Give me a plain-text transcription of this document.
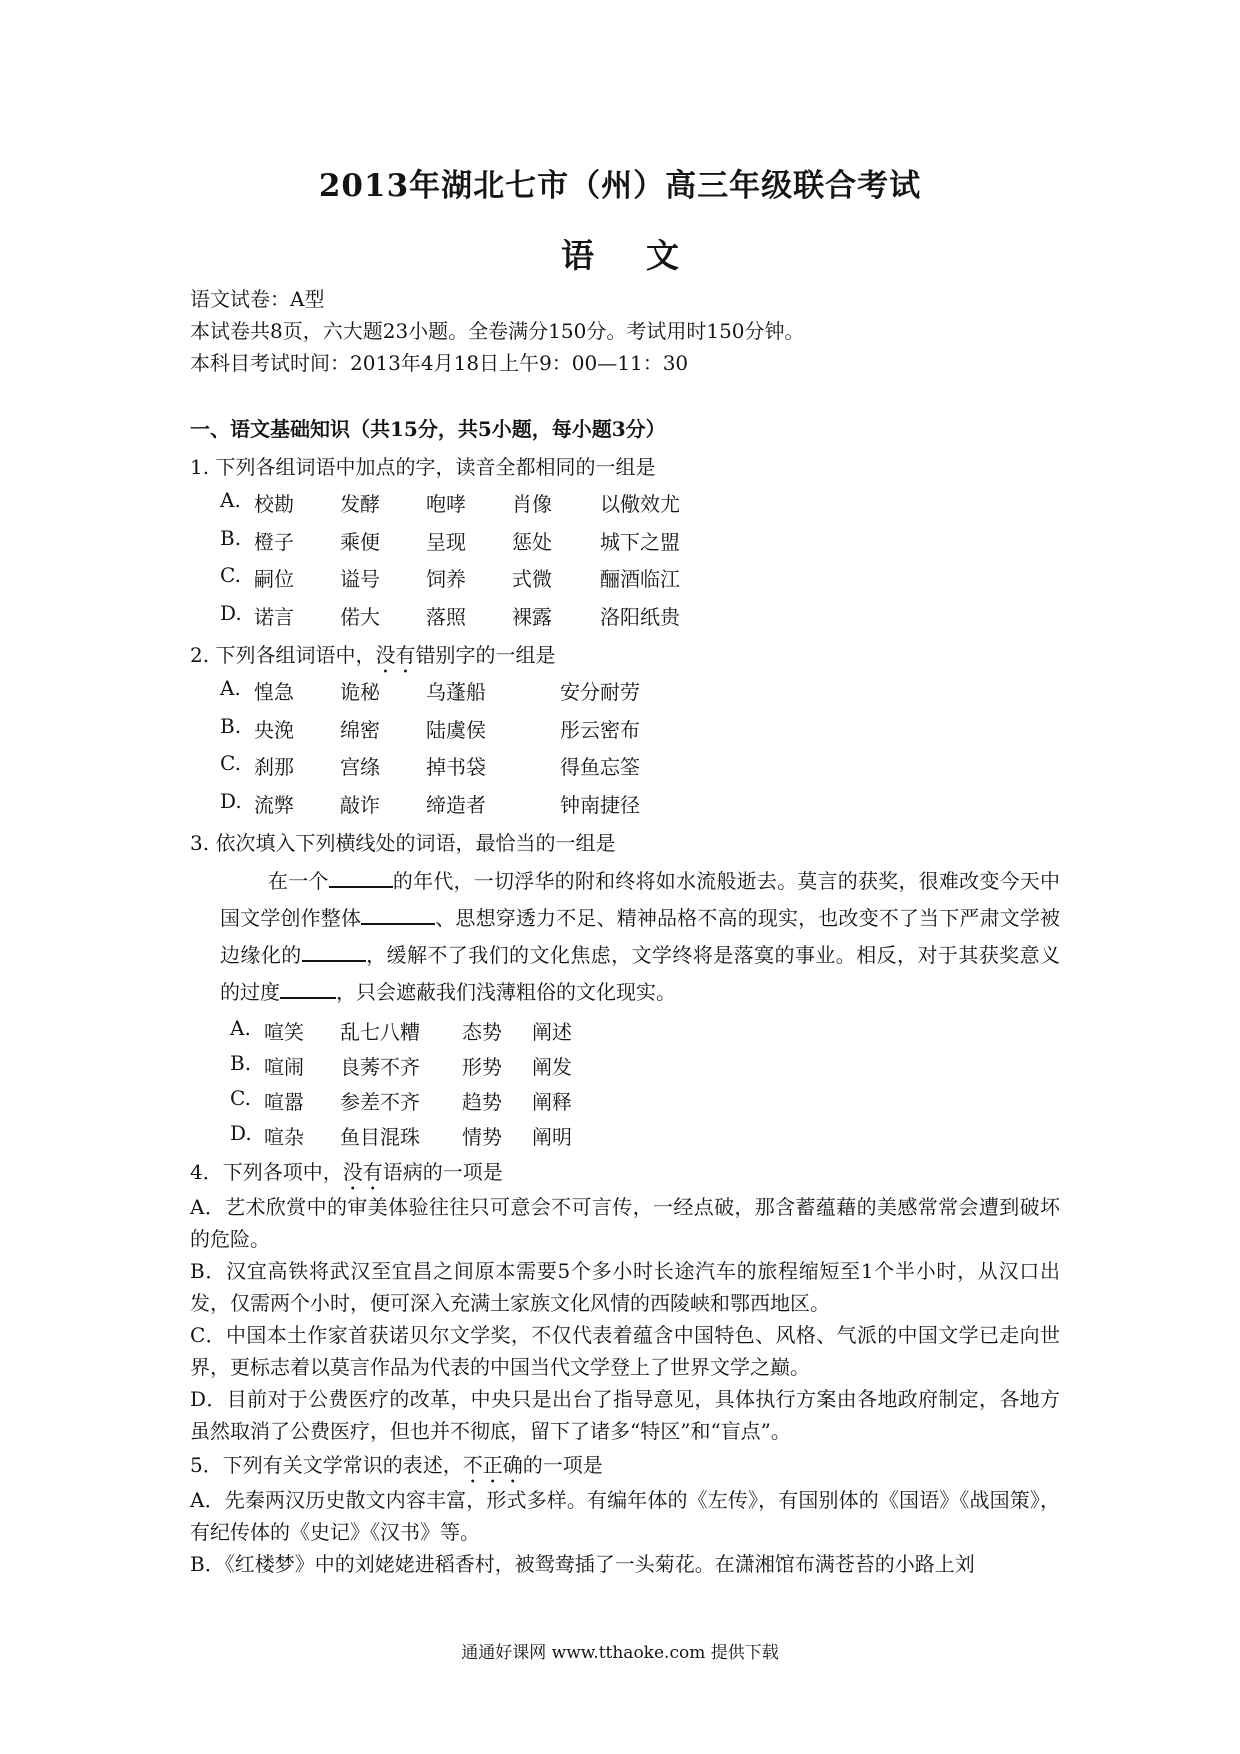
2013年湖北七市（州）高三年级联合考试
语 文
语文试卷：A型
本试卷共8页，六大题23小题。全卷满分150分。考试用时150分钟。
本科目考试时间：2013年4月18日上午9：00—11：30
一、语文基础知识（共15分，共5小题，每小题3分）
1. 下列各组词语中加点的字，读音全都相同的一组是
A. 校勘 发酵 咆哮 肖像 以儆效尤
B. 橙子 乘便 呈现 惩处 城下之盟
C. 嗣位 谥号 饲养 式微 酾酒临江
D. 诺言 偌大 落照 裸露 洛阳纸贵
2. 下列各组词语中，没有错别字的一组是
A. 惶急 诡秘 乌蓬船	安分耐劳
B. 央浼 绵密 陆虞侯	彤云密布
C. 刹那 宫绦 掉书袋	得鱼忘筌
D. 流弊 敲诈 缔造者	钟南捷径
3. 依次填入下列横线处的词语，最恰当的一组是
在一个	的年代，一切浮华的附和终将如水流般逝去。莫言的获奖，很难改变今天中国文学创作整体	、思想穿透力不足、精神品格不高的现实，也改变不了当下严肃文学被边缘化的	，缓解不了我们的文化焦虑，文学终将是落寞的事业。相反，对于其获奖意义的过度	，只会遮蔽我们浅薄粗俗的文化现实。
A. 喧笑 乱七八糟 态势 阐述
B. 喧闹 良莠不齐 形势 阐发
C. 喧嚣 参差不齐 趋势 阐释
D. 喧杂 鱼目混珠 情势 阐明
4．下列各项中，没有语病的一项是
A．艺术欣赏中的审美体验往往只可意会不可言传，一经点破，那含蓄蕴藉的美感常常会遭到破坏的危险。
B．汉宜高铁将武汉至宜昌之间原本需要5个多小时长途汽车的旅程缩短至1个半小时，从汉口出发，仅需两个小时，便可深入充满土家族文化风情的西陵峡和鄂西地区。
C．中国本土作家首获诺贝尔文学奖，不仅代表着蕴含中国特色、风格、气派的中国文学已走向世界，更标志着以莫言作品为代表的中国当代文学登上了世界文学之巅。
D．目前对于公费医疗的改革，中央只是出台了指导意见，具体执行方案由各地政府制定，各地方虽然取消了公费医疗，但也并不彻底，留下了诸多“特区”和“盲点”。
5．下列有关文学常识的表述，不正确的一项是
A．先秦两汉历史散文内容丰富，形式多样。有编年体的《左传》，有国别体的《国语》《战国策》，有纪传体的《史记》《汉书》等。
B．《红楼梦》中的刘姥姥进稻香村，被鸳鸯插了一头菊花。在潇湘馆布满苍苔的小路上刘
通通好课网 www.tthaoke.com 提供下载
